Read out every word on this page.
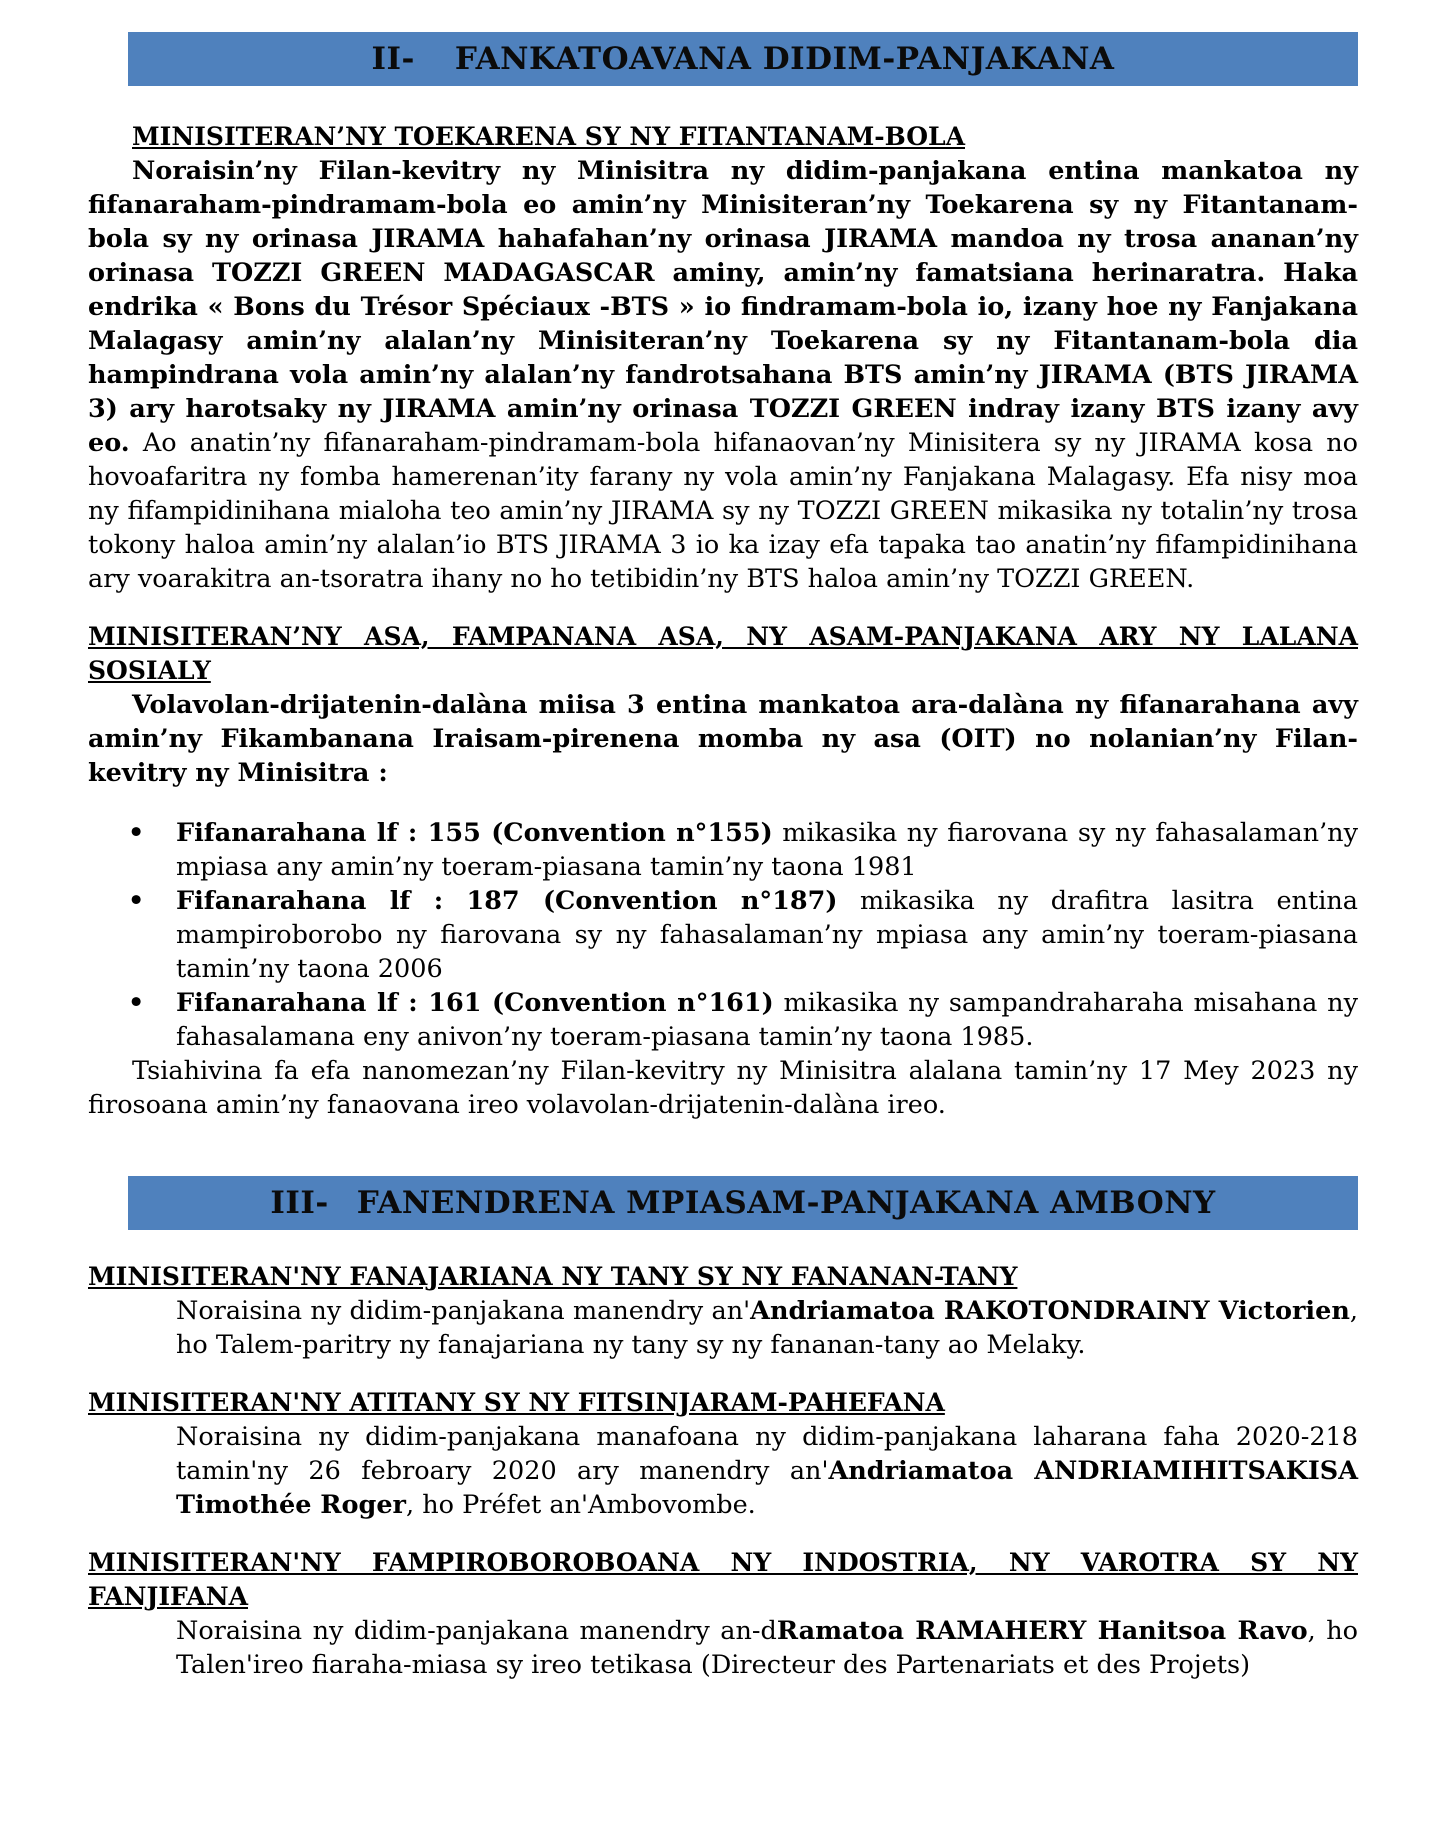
II- FANKATOAVANA DIDIM-PANJAKANA
MINISITERAN’NY TOEKARENA SY NY FITANTANAM-BOLA
Noraisin’ny Filan-kevitry ny Minisitra ny didim-panjakana entina mankatoa ny fifanaraham-pindramam-bola eo amin’ny Minisiteran’ny Toekarena sy ny Fitantanam-bola sy ny orinasa JIRAMA hahafahan’ny orinasa JIRAMA mandoa ny trosa ananan’ny orinasa TOZZI GREEN MADAGASCAR aminy, amin’ny famatsiana herinaratra. Haka endrika « Bons du Trésor Spéciaux -BTS » io findramam-bola io, izany hoe ny Fanjakana Malagasy amin’ny alalan’ny Minisiteran’ny Toekarena sy ny Fitantanam-bola dia hampindrana vola amin’ny alalan’ny fandrotsahana BTS amin’ny JIRAMA (BTS JIRAMA 3) ary harotsaky ny JIRAMA amin’ny orinasa TOZZI GREEN indray izany BTS izany avy eo. Ao anatin’ny fifanaraham-pindramam-bola hifanaovan’ny Minisitera sy ny JIRAMA kosa no hovoafaritra ny fomba hamerenan’ity farany ny vola amin’ny Fanjakana Malagasy. Efa nisy moa ny fifampidinihana mialoha teo amin’ny JIRAMA sy ny TOZZI GREEN mikasika ny totalin’ny trosa tokony haloa amin’ny alalan’io BTS JIRAMA 3 io ka izay efa tapaka tao anatin’ny fifampidinihana ary voarakitra an-tsoratra ihany no ho tetibidin’ny BTS haloa amin’ny TOZZI GREEN.
MINISITERAN’NY ASA, FAMPANANA ASA, NY ASAM-PANJAKANA ARY NY LALANA SOSIALY
Volavolan-drijatenin-dalàna miisa 3 entina mankatoa ara-dalàna ny fifanarahana avy amin’ny Fikambanana Iraisam-pirenena momba ny asa (OIT) no nolanian’ny Filan-kevitry ny Minisitra :
• Fifanarahana lf : 155 (Convention n°155) mikasika ny fiarovana sy ny fahasalaman’ny mpiasa any amin’ny toeram-piasana tamin’ny taona 1981
• Fifanarahana lf : 187 (Convention n°187) mikasika ny drafitra lasitra entina mampiroborobo ny fiarovana sy ny fahasalaman’ny mpiasa any amin’ny toeram-piasana tamin’ny taona 2006
• Fifanarahana lf : 161 (Convention n°161) mikasika ny sampandraharaha misahana ny fahasalamana eny anivon’ny toeram-piasana tamin’ny taona 1985.
Tsiahivina fa efa nanomezan’ny Filan-kevitry ny Minisitra alalana tamin’ny 17 Mey 2023 ny firosoana amin’ny fanaovana ireo volavolan-drijatenin-dalàna ireo.
III- FANENDRENA MPIASAM-PANJAKANA AMBONY
MINISITERAN'NY FANAJARIANA NY TANY SY NY FANANAN-TANY
Noraisina ny didim-panjakana manendry an'Andriamatoa RAKOTONDRAINY Victorien, ho Talem-paritry ny fanajariana ny tany sy ny fananan-tany ao Melaky.
MINISITERAN'NY ATITANY SY NY FITSINJARAM-PAHEFANA
Noraisina ny didim-panjakana manafoana ny didim-panjakana laharana faha 2020-218 tamin'ny 26 febroary 2020 ary manendry an'Andriamatoa ANDRIAMIHITSAKISA Timothée Roger, ho Préfet an'Ambovombe.
MINISITERAN'NY FAMPIROBOROBOANA NY INDOSTRIA, NY VAROTRA SY NY FANJIFANA
Noraisina ny didim-panjakana manendry an-dRamatoa RAMAHERY Hanitsoa Ravo, ho Talen'ireo fiaraha-miasa sy ireo tetikasa (Directeur des Partenariats et des Projets)
